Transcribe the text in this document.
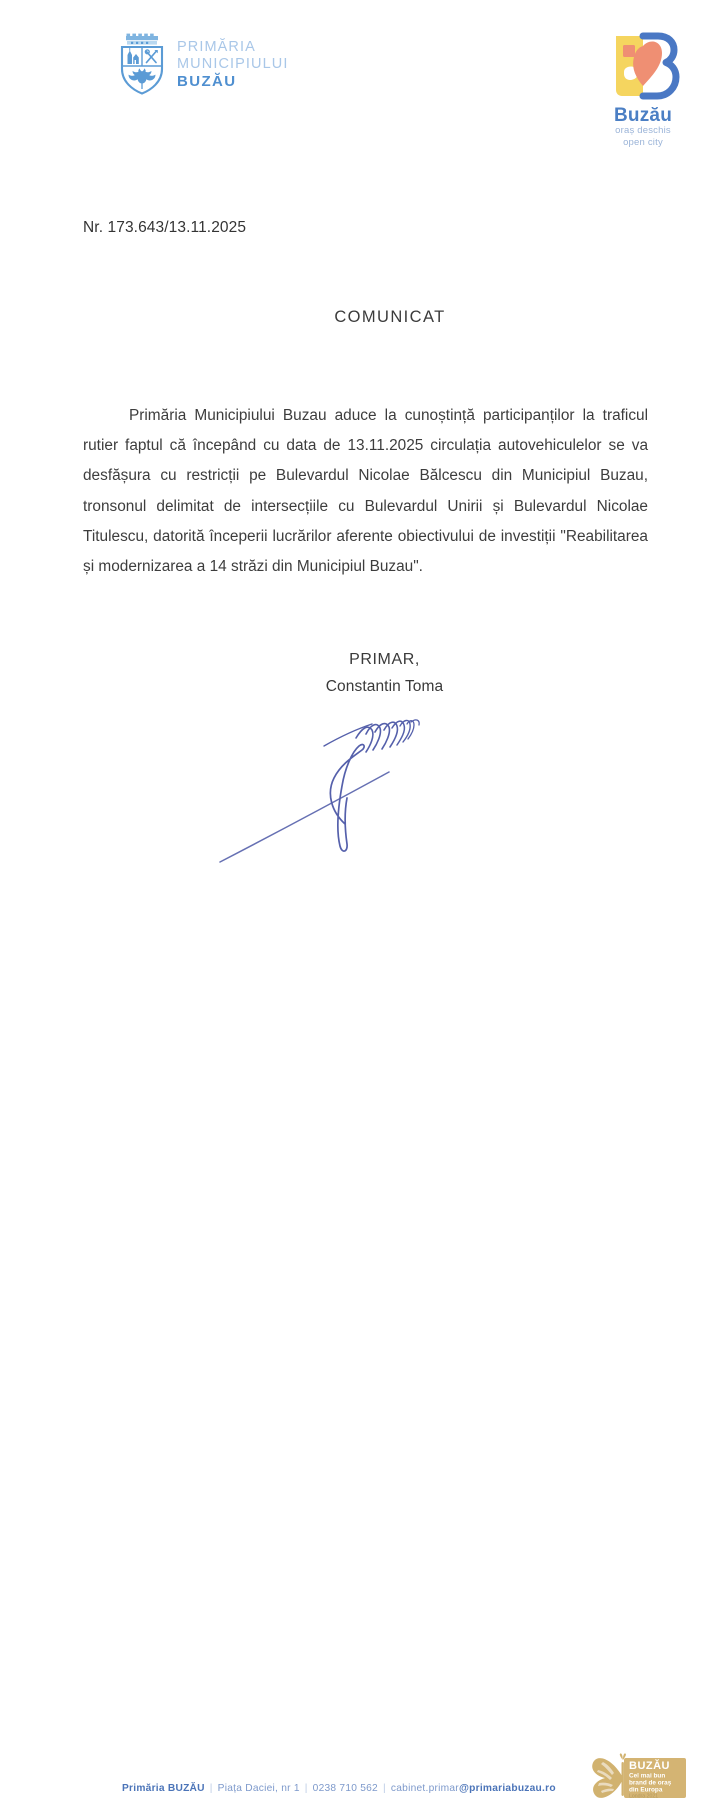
PRIMĂRIA
MUNICIPIULUI
BUZĂU
Buzău
oraș deschis
open city
Nr. 173.643/13.11.2025
COMUNICAT
Primăria Municipiului Buzau aduce la cunoștință participanților la traficul rutier faptul că începând cu data de 13.11.2025 circulația autovehiculelor se va desfășura cu restricții pe Bulevardul Nicolae Bălcescu din Municipiul Buzau, tronsonul delimitat de intersecțiile cu Bulevardul Unirii și Bulevardul Nicolae Titulescu, datorită începerii lucrărilor aferente obiectivului de investiții "Reabilitarea și modernizarea a 14 străzi din Municipiul Buzau".
PRIMAR,
Constantin Toma
Primăria BUZĂU | Piața Daciei, nr 1 | 0238 710 562 | cabinet.primar@primariabuzau.ro
BUZĂU
Cel mai bun
brand de oraș
din Europa
Londra 2021
